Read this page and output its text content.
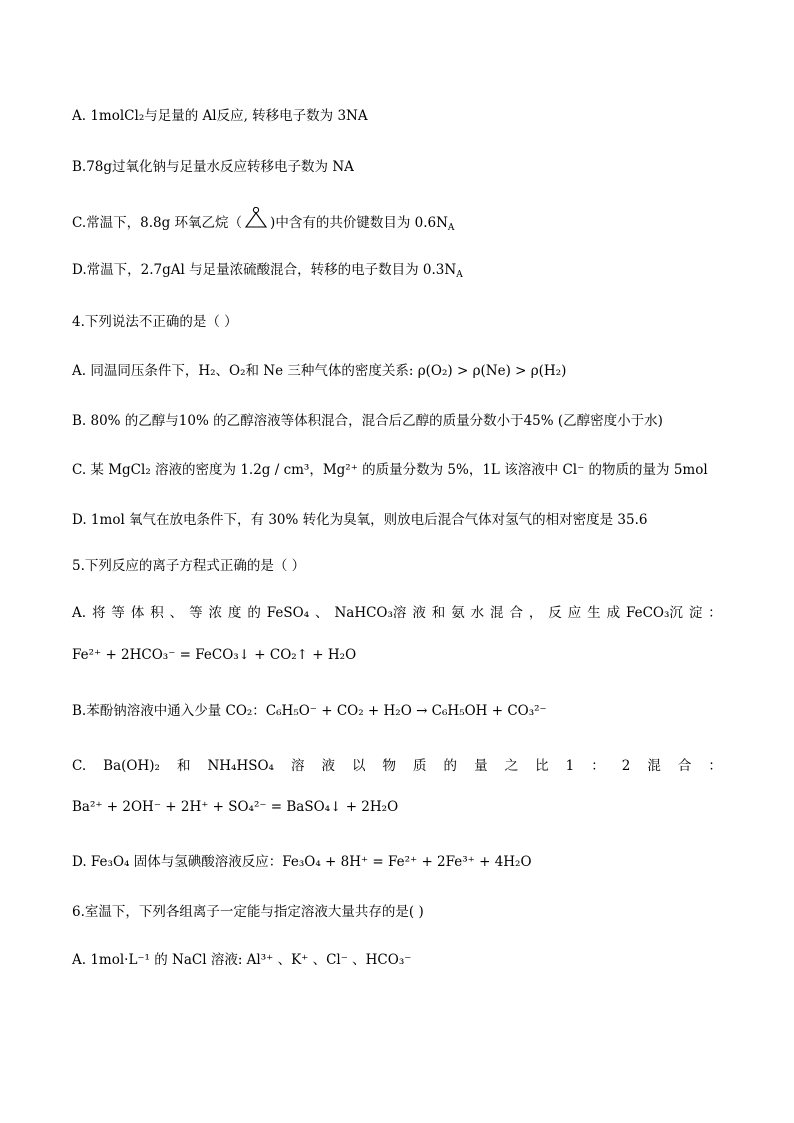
A. 1molCl₂与足量的 Al反应, 转移电子数为 3NA
B.78g过氧化钠与足量水反应转移电子数为 NA
C.常温下，8.8g 环氧乙烷（ )中含有的共价键数目为 $0.6N_A$
D.常温下，2.7gAl 与足量浓硫酸混合，转移的电子数目为 $0.3N_A$
4.下列说法不正确的是（ ）
A. 同温同压条件下，H₂、O₂和 Ne 三种气体的密度关系: ρ(O₂) > ρ(Ne) > ρ(H₂)
B. 80% 的乙醇与10% 的乙醇溶液等体积混合，混合后乙醇的质量分数小于45% (乙醇密度小于水)
C. 某 MgCl₂ 溶液的密度为 1.2g / cm³，Mg²⁺ 的质量分数为 5%，1L 该溶液中 Cl⁻ 的物质的量为 5mol
D. 1mol 氧气在放电条件下，有 30% 转化为臭氧，则放电后混合气体对氢气的相对密度是 35.6
5.下列反应的离子方程式正确的是（ ）
A. 将 等 体 积 、 等 浓 度 的 FeSO₄ 、 NaHCO₃溶 液 和 氨 水 混 合 ， 反 应 生 成 FeCO₃沉 淀 ：
Fe²⁺ + 2HCO₃⁻ = FeCO₃↓ + CO₂↑ + H₂O
B.苯酚钠溶液中通入少量 CO₂：C₆H₅O⁻ + CO₂ + H₂O → C₆H₅OH + CO₃²⁻
C. Ba(OH)₂ 和 NH₄HSO₄ 溶 液 以 物 质 的 量 之 比 1 ： 2 混 合 ：
Ba²⁺ + 2OH⁻ + 2H⁺ + SO₄²⁻ = BaSO₄↓ + 2H₂O
D. Fe₃O₄ 固体与氢碘酸溶液反应：Fe₃O₄ + 8H⁺ = Fe²⁺ + 2Fe³⁺ + 4H₂O
6.室温下，下列各组离子一定能与指定溶液大量共存的是( )
A. 1mol·L⁻¹ 的 NaCl 溶液: Al³⁺ 、K⁺ 、Cl⁻ 、HCO₃⁻
